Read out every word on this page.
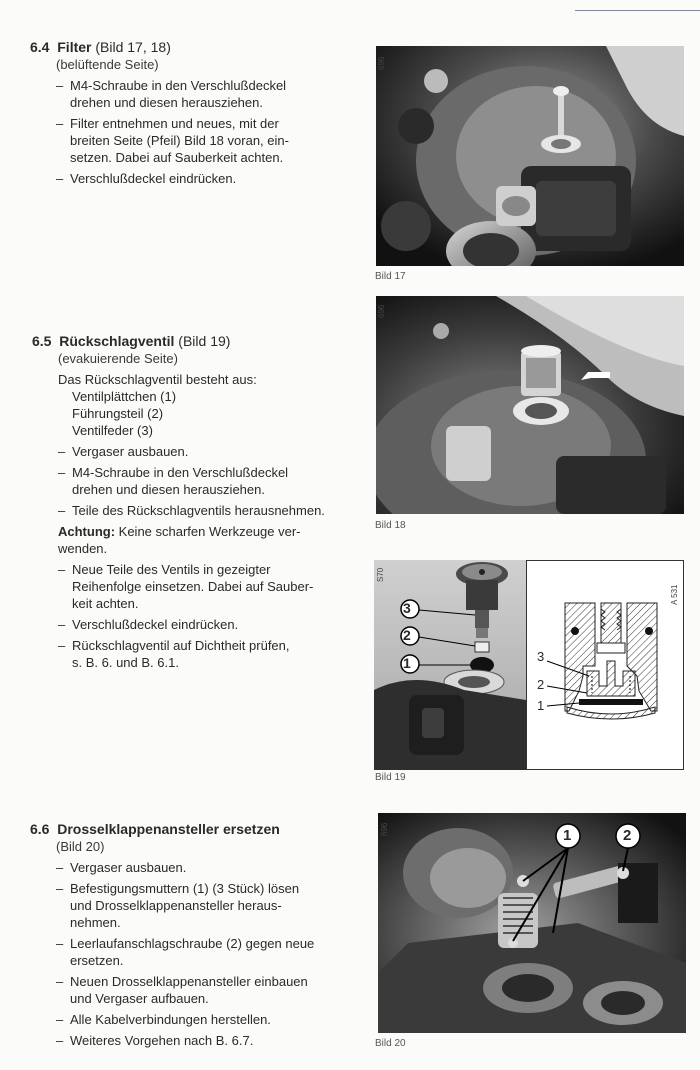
6.4 Filter (Bild 17, 18)
(belüftende Seite)
– M4-Schraube in den Verschlußdeckel
drehen und diesen herausziehen.
– Filter entnehmen und neues, mit der
breiten Seite (Pfeil) Bild 18 voran, ein-
setzen. Dabei auf Sauberkeit achten.
– Verschlußdeckel eindrücken.
6.5 Rückschlagventil (Bild 19)
(evakuierende Seite)
Das Rückschlagventil besteht aus:
Ventilplättchen (1)
Führungsteil (2)
Ventilfeder (3)
– Vergaser ausbauen.
– M4-Schraube in den Verschlußdeckel
drehen und diesen herausziehen.
– Teile des Rückschlagventils herausnehmen.
Achtung: Keine scharfen Werkzeuge ver-
wenden.
– Neue Teile des Ventils in gezeigter
Reihenfolge einsetzen. Dabei auf Sauber-
keit achten.
– Verschlußdeckel eindrücken.
– Rückschlagventil auf Dichtheit prüfen,
s. B. 6. und B. 6.1.
6.6 Drosselklappenansteller ersetzen
(Bild 20)
– Vergaser ausbauen.
– Befestigungsmuttern (1) (3 Stück) lösen
und Drosselklappenansteller heraus-
nehmen.
– Leerlaufanschlagschraube (2) gegen neue
ersetzen.
– Neuen Drosselklappenansteller einbauen
und Vergaser aufbauen.
– Alle Kabelverbindungen herstellen.
– Weiteres Vorgehen nach B. 6.7.
696
Bild 17
696
Bild 18
3
2
1
S70
3
2
1
A 531
Bild 19
1	2
696
Bild 20
